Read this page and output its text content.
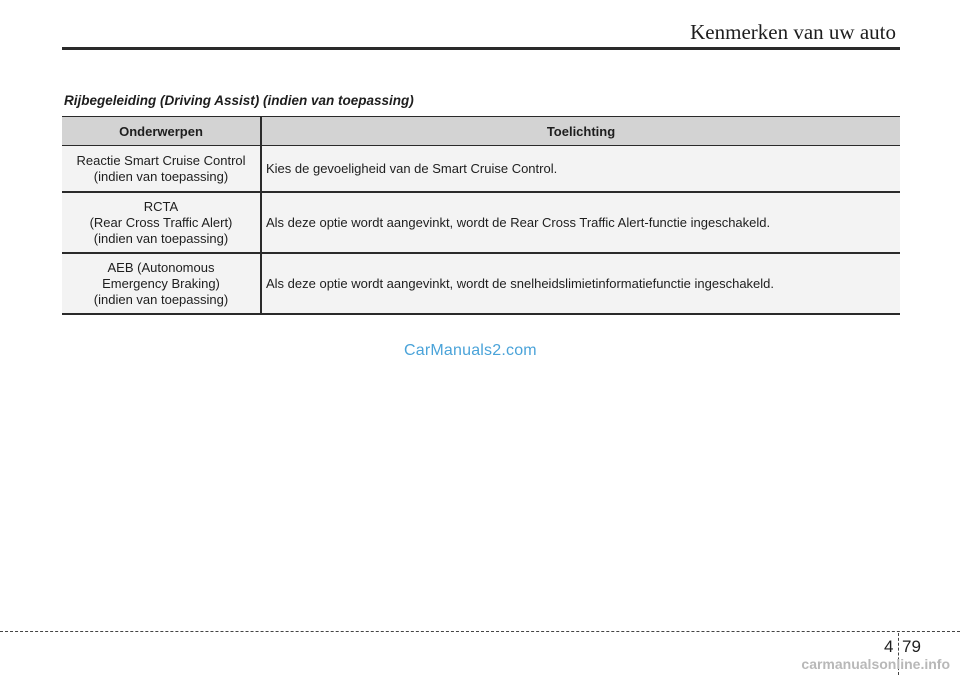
Kenmerken van uw auto
Rijbegeleiding (Driving Assist) (indien van toepassing)
Onderwerpen	Toelichting

Reactie Smart Cruise Control
(indien van toepassing)	Kies de gevoeligheid van de Smart Cruise Control.

RCTA
(Rear Cross Traffic Alert)
(indien van toepassing)	Als deze optie wordt aangevinkt, wordt de Rear Cross Traffic Alert-functie ingeschakeld.

AEB (Autonomous
Emergency Braking)
(indien van toepassing)	Als deze optie wordt aangevinkt, wordt de snelheidslimietinformatiefunctie ingeschakeld.
CarManuals2.com
4 79
carmanualsonline.info
